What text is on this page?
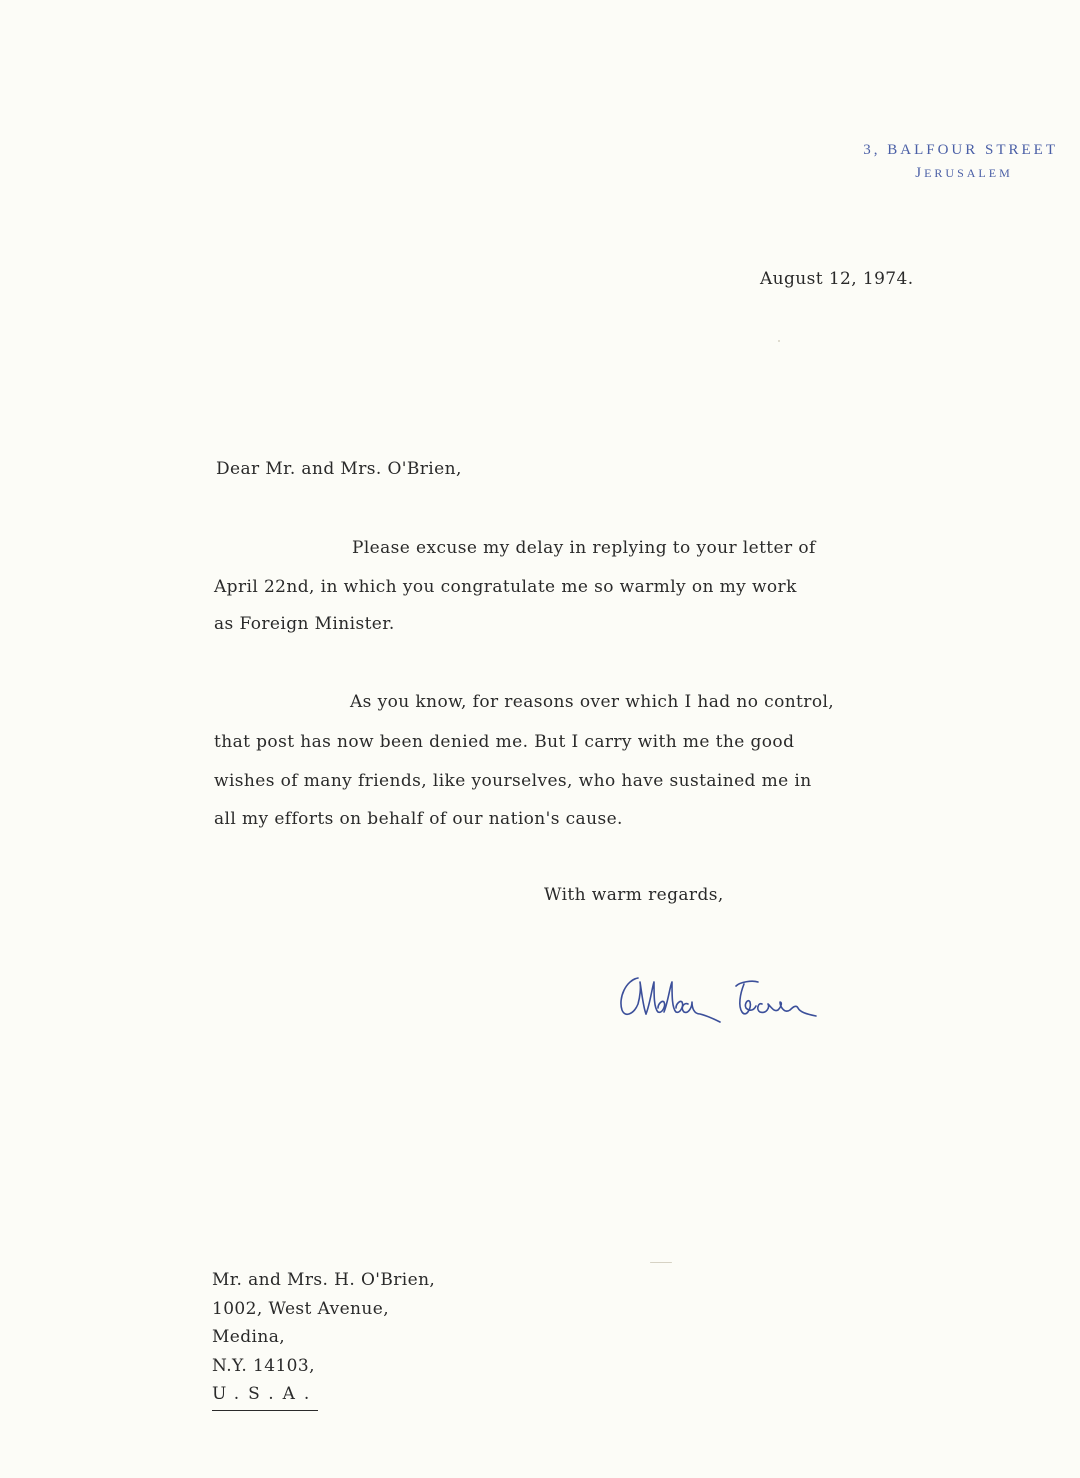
3, BALFOUR STREET
JERUSALEM
August 12, 1974.
Dear Mr. and Mrs. O'Brien,
Please excuse my delay in replying to your letter of
April 22nd, in which you congratulate me so warmly on my work
as Foreign Minister.
As you know, for reasons over which I had no control,
that post has now been denied me. But I carry with me the good
wishes of many friends, like yourselves, who have sustained me in
all my efforts on behalf of our nation's cause.
With warm regards,
Mr. and Mrs. H. O'Brien,
1002, West Avenue,
Medina,
N.Y. 14103,
U.S.A.
